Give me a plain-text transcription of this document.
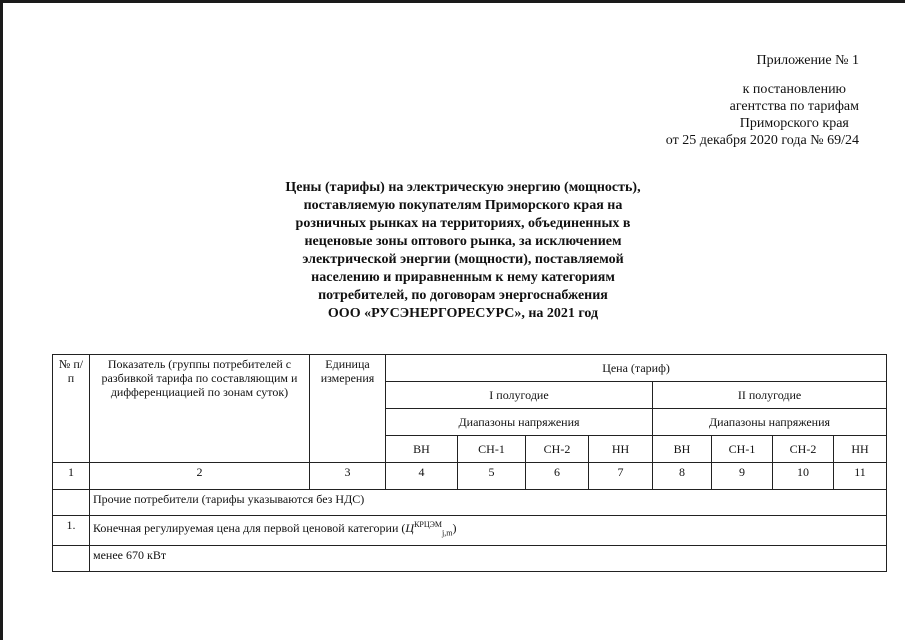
Приложение № 1
к постановлению
агентства по тарифам
Приморского края
от 25 декабря 2020 года № 69/24
Цены (тарифы) на электрическую энергию (мощность),
поставляемую покупателям Приморского края на
розничных рынках на территориях, объединенных в
неценовые зоны оптового рынка, за исключением
электрической энергии (мощности), поставляемой
населению и приравненным к нему категориям
потребителей, по договорам энергоснабжения
ООО «РУСЭНЕРГОРЕСУРС», на 2021 год
№ п/п	Показатель (группы потребителей с разбивкой тарифа по составляющим и дифференциацией по зонам суток)	Единица измерения	Цена (тариф)							
			I полугодие				II полугодие			
			Диапазоны напряжения				Диапазоны напряжения			
			ВН	СН-1	СН-2	НН	ВН	СН-1	СН-2	НН
1	2	3	4	5	6	7	8	9	10	11
	Прочие потребители (тарифы указываются без НДС)									
1.	Конечная регулируемая цена для первой ценовой категории $(Ц^{КРЦЭМ}_{j,m})$									
	менее 670 кВт									
